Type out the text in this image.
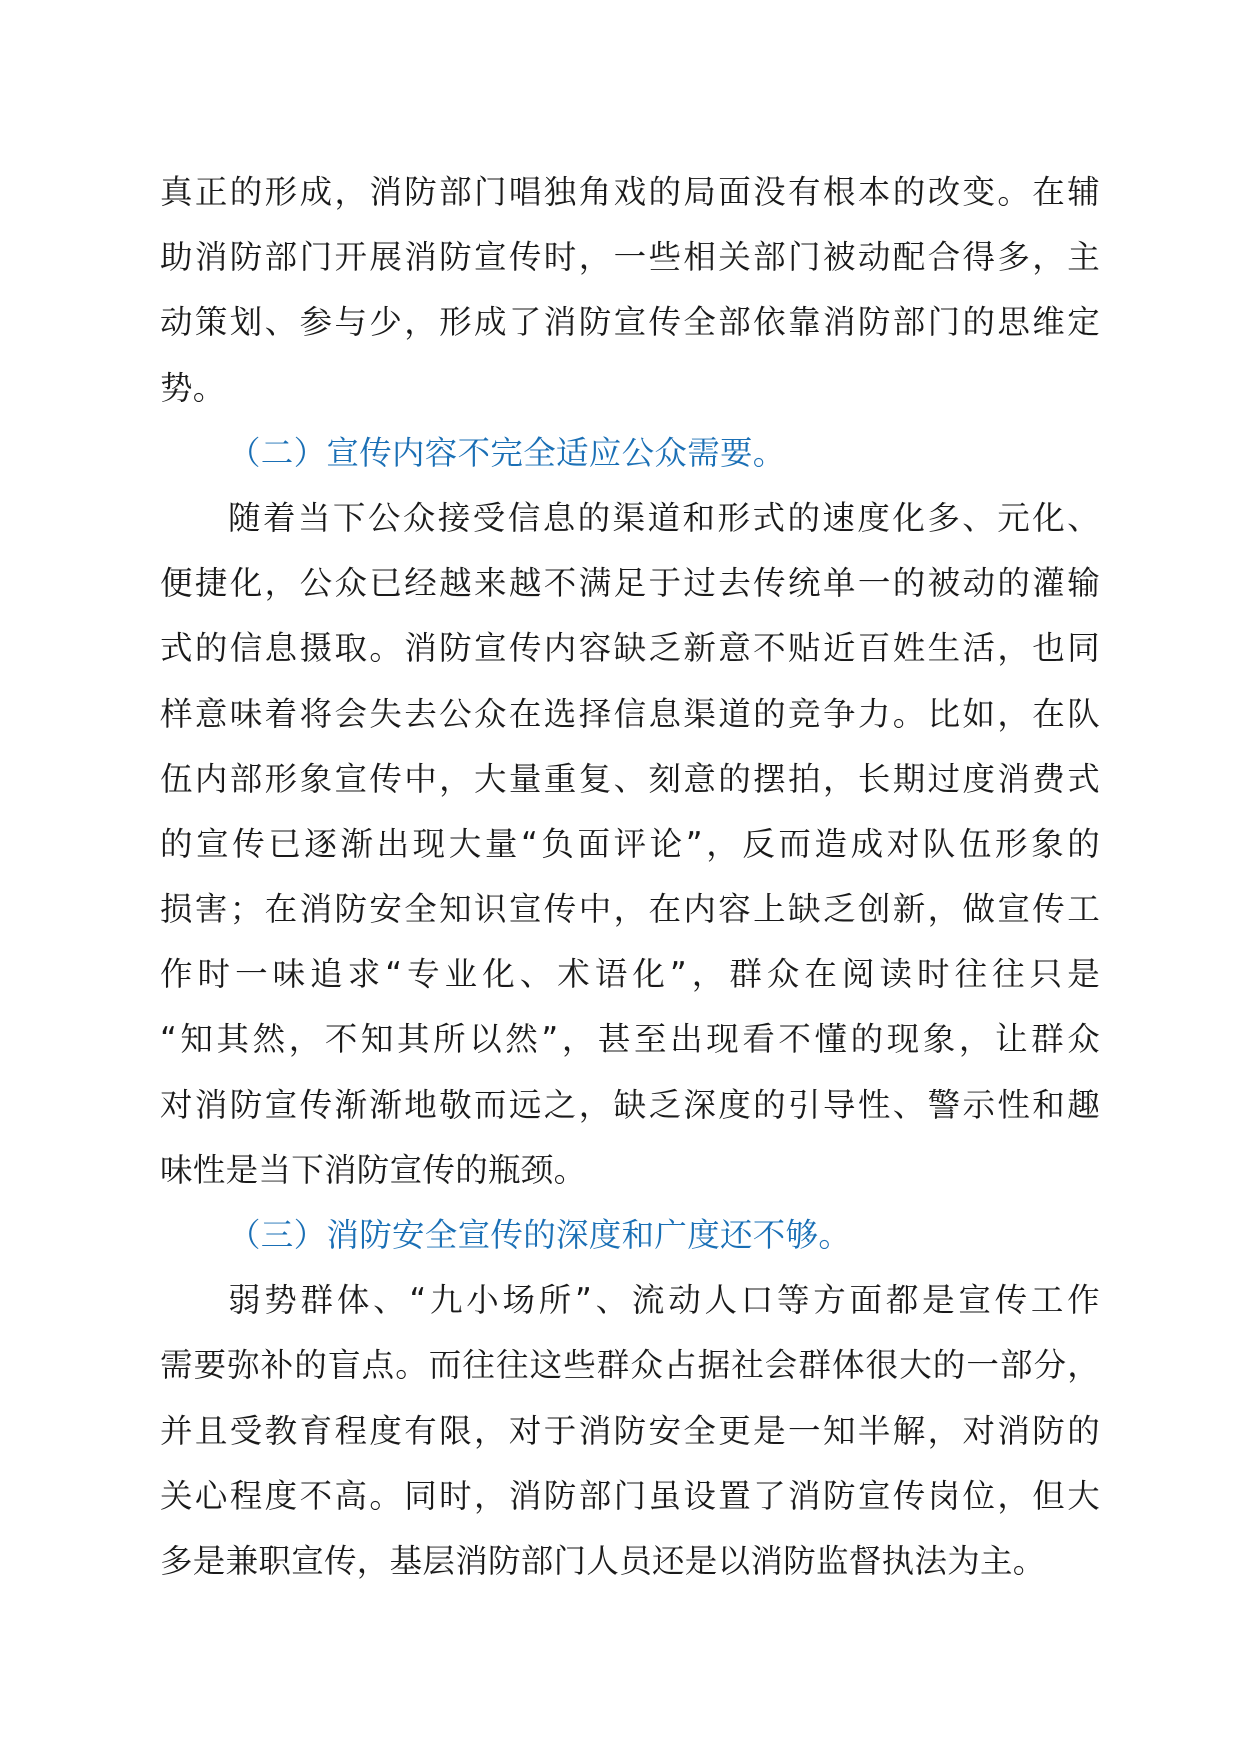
真正的形成，消防部门唱独角戏的局面没有根本的改变。在辅
助消防部门开展消防宣传时，一些相关部门被动配合得多，主
动策划、参与少，形成了消防宣传全部依靠消防部门的思维定
势。
（二）宣传内容不完全适应公众需要。
随着当下公众接受信息的渠道和形式的速度化多、元化、
便捷化，公众已经越来越不满足于过去传统单一的被动的灌输
式的信息摄取。消防宣传内容缺乏新意不贴近百姓生活，也同
样意味着将会失去公众在选择信息渠道的竞争力。比如，在队
伍内部形象宣传中，大量重复、刻意的摆拍，长期过度消费式
的宣传已逐渐出现大量“负面评论”，反而造成对队伍形象的
损害；在消防安全知识宣传中，在内容上缺乏创新，做宣传工
作时一味追求“专业化、术语化”，群众在阅读时往往只是
“知其然，不知其所以然”，甚至出现看不懂的现象，让群众
对消防宣传渐渐地敬而远之，缺乏深度的引导性、警示性和趣
味性是当下消防宣传的瓶颈。
（三）消防安全宣传的深度和广度还不够。
弱势群体、“九小场所”、流动人口等方面都是宣传工作
需要弥补的盲点。而往往这些群众占据社会群体很大的一部分，
并且受教育程度有限，对于消防安全更是一知半解，对消防的
关心程度不高。同时，消防部门虽设置了消防宣传岗位，但大
多是兼职宣传，基层消防部门人员还是以消防监督执法为主。
